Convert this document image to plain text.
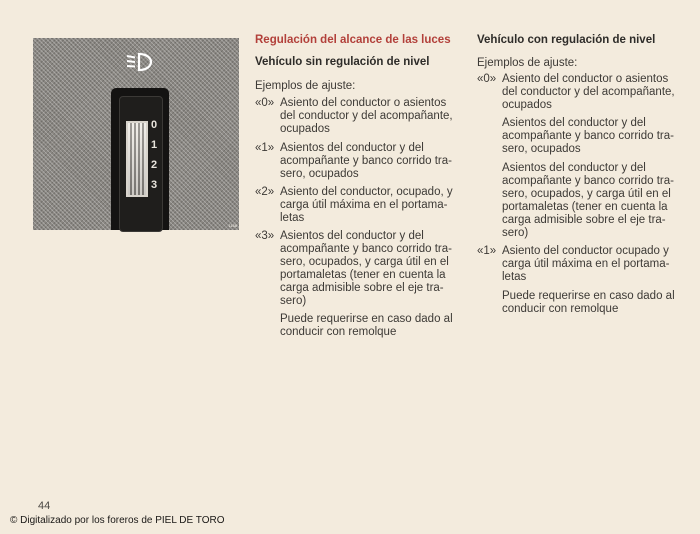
0
1
2
3
1168
Regulación del alcance de las luces
Vehículo sin regulación de nivel
Ejemplos de ajuste:
«0» Asiento del conductor o asientos
del conductor y del acompañante,
ocupados
«1» Asientos del conductor y del
acompañante y banco corrido tra-
sero, ocupados
«2» Asiento del conductor, ocupado, y
carga útil máxima en el portama-
letas
«3» Asientos del conductor y del
acompañante y banco corrido tra-
sero, ocupados, y carga útil en el
portamaletas (tener en cuenta la
carga admisible sobre el eje tra-
sero)
Puede requerirse en caso dado al
conducir con remolque
Vehículo con regulación de nivel
Ejemplos de ajuste:
«0» Asiento del conductor o asientos
del conductor y del acompañante,
ocupados
Asientos del conductor y del
acompañante y banco corrido tra-
sero, ocupados
Asientos del conductor y del
acompañante y banco corrido tra-
sero, ocupados, y carga útil en el
portamaletas (tener en cuenta la
carga admisible sobre el eje tra-
sero)
«1» Asiento del conductor ocupado y
carga útil máxima en el portama-
letas
Puede requerirse en caso dado al
conducir con remolque
44
© Digitalizado por los foreros de PIEL DE TORO
